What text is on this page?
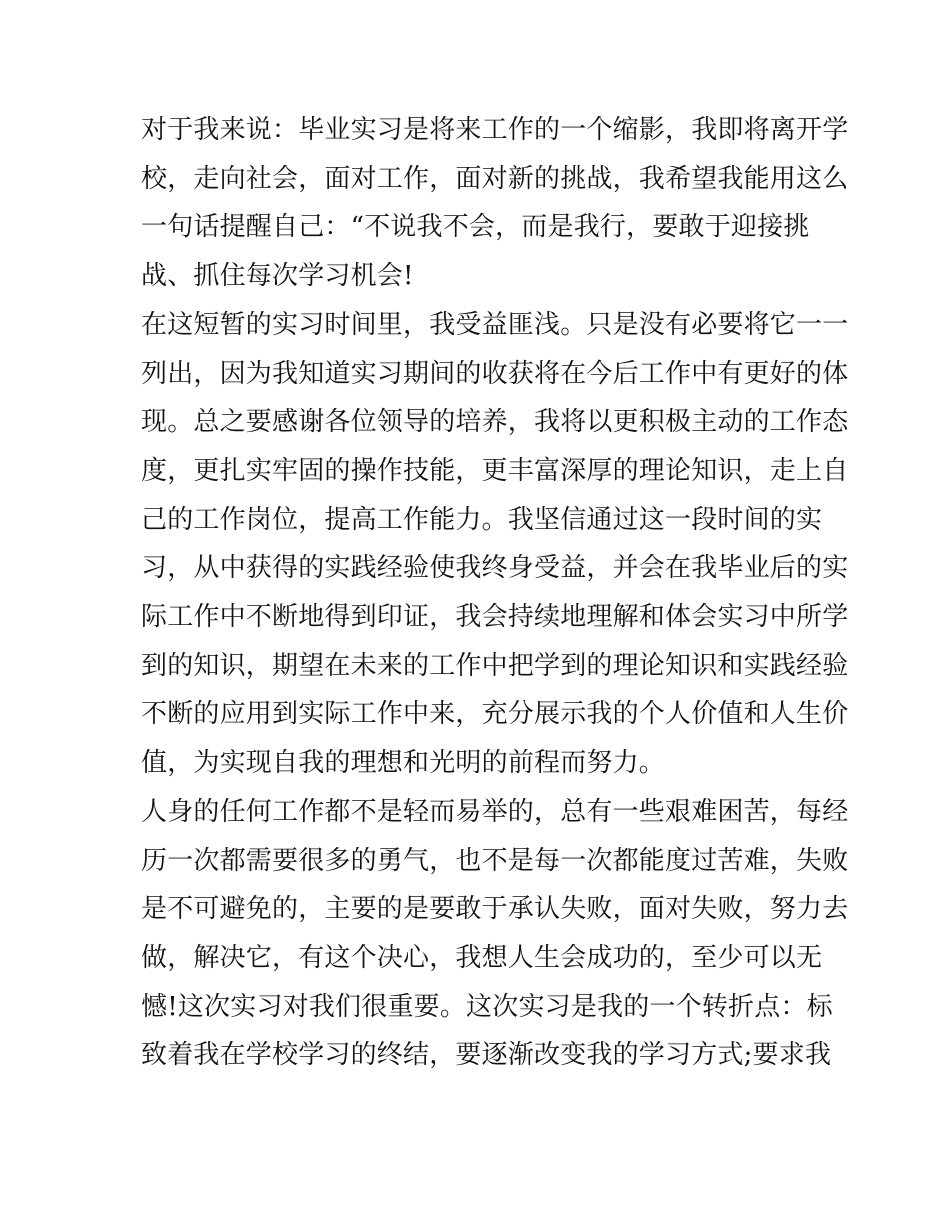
对于我来说：毕业实习是将来工作的一个缩影，我即将离开学
校，走向社会，面对工作，面对新的挑战，我希望我能用这么
一句话提醒自己：“不说我不会，而是我行，要敢于迎接挑
战、抓住每次学习机会!
在这短暂的实习时间里，我受益匪浅。只是没有必要将它一一
列出，因为我知道实习期间的收获将在今后工作中有更好的体
现。总之要感谢各位领导的培养，我将以更积极主动的工作态
度，更扎实牢固的操作技能，更丰富深厚的理论知识，走上自
己的工作岗位，提高工作能力。我坚信通过这一段时间的实
习，从中获得的实践经验使我终身受益，并会在我毕业后的实
际工作中不断地得到印证，我会持续地理解和体会实习中所学
到的知识，期望在未来的工作中把学到的理论知识和实践经验
不断的应用到实际工作中来，充分展示我的个人价值和人生价
值，为实现自我的理想和光明的前程而努力。
人身的任何工作都不是轻而易举的，总有一些艰难困苦，每经
历一次都需要很多的勇气，也不是每一次都能度过苦难，失败
是不可避免的，主要的是要敢于承认失败，面对失败，努力去
做，解决它，有这个决心，我想人生会成功的，至少可以无
憾!这次实习对我们很重要。这次实习是我的一个转折点：标
致着我在学校学习的终结，要逐渐改变我的学习方式;要求我
